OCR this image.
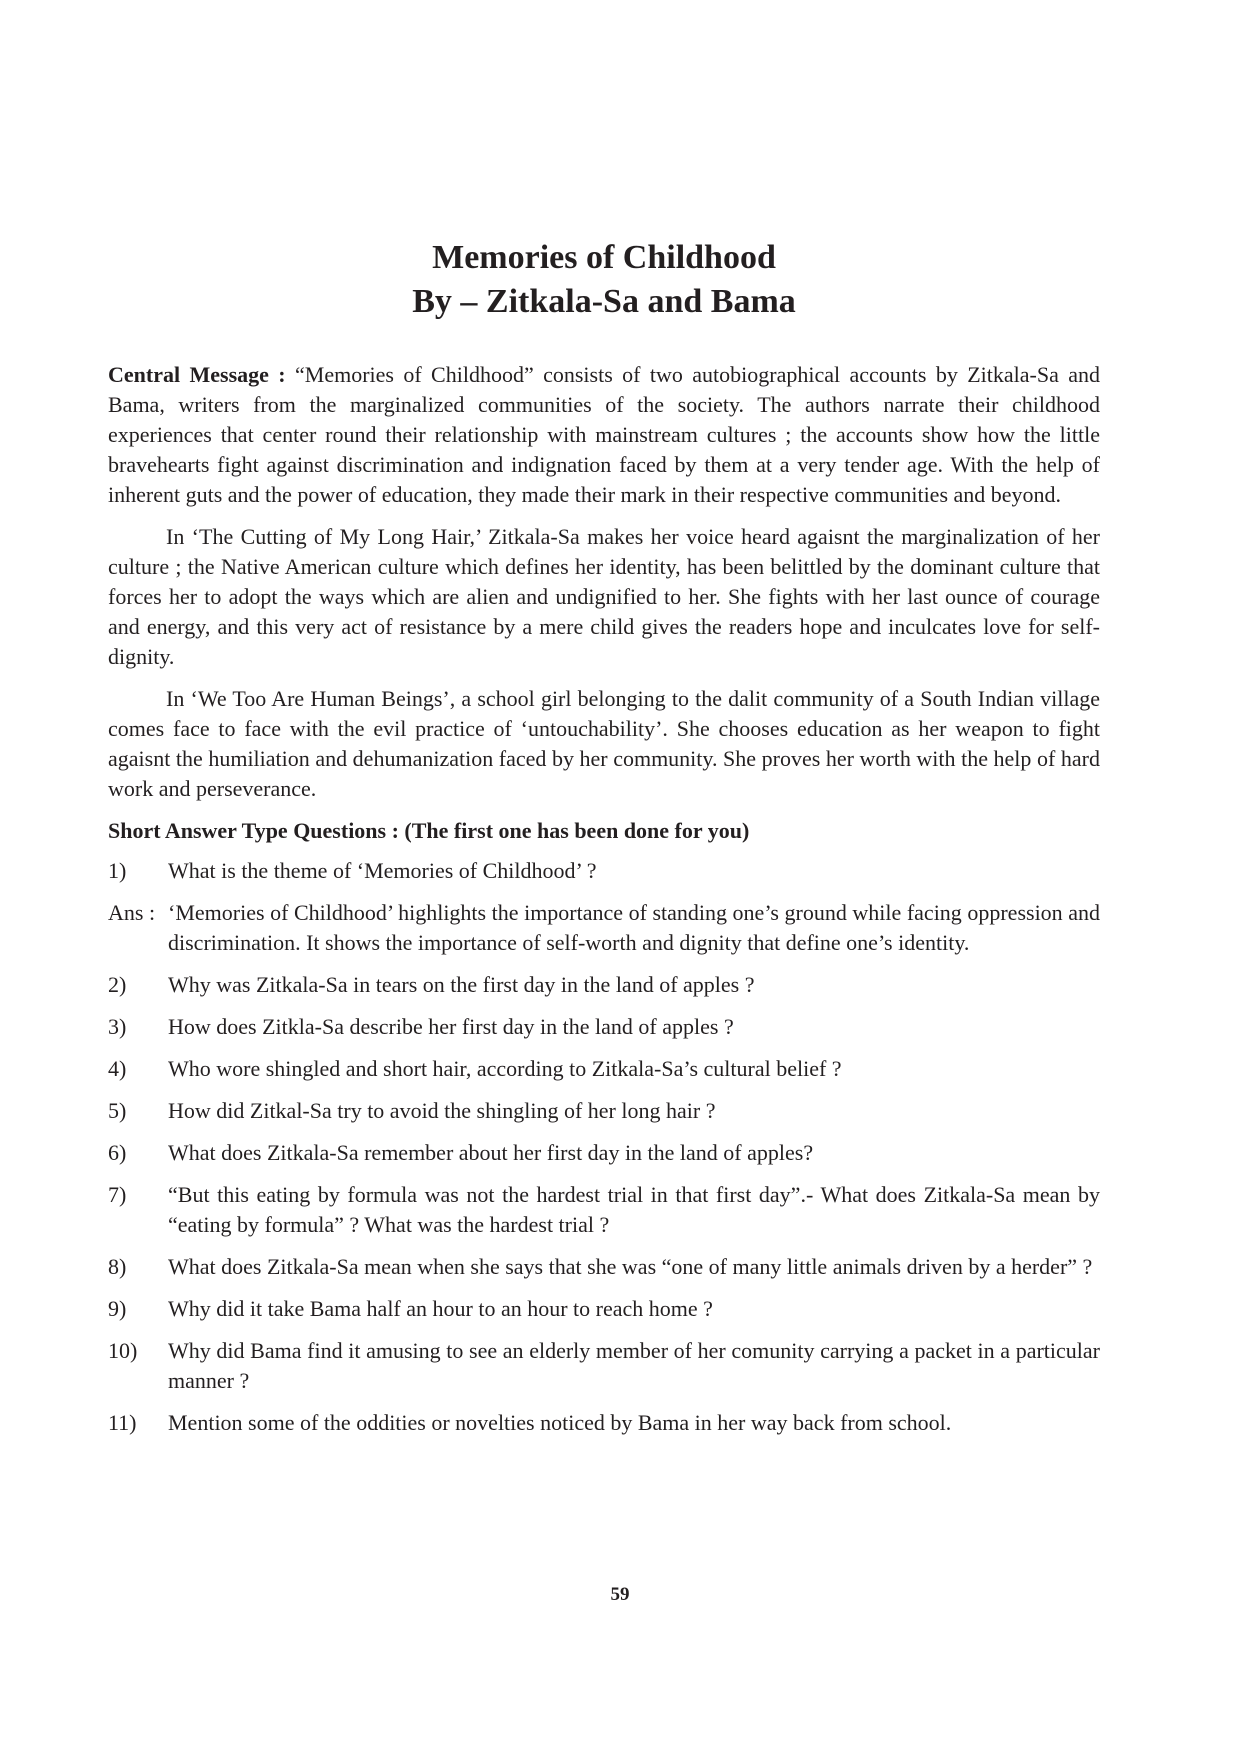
Memories of Childhood

By – Zitkala-Sa and Bama

Central Message : “Memories of Childhood” consists of two autobiographical accounts by Zitkala-Sa and Bama, writers from the marginalized communities of the society. The authors narrate their childhood experiences that center round their relationship with mainstream cultures ; the accounts show how the little bravehearts fight against discrimination and indignation faced by them at a very tender age. With the help of inherent guts and the power of education, they made their mark in their respective communities and beyond.

In ‘The Cutting of My Long Hair,’ Zitkala-Sa makes her voice heard agaisnt the marginalization of her culture ; the Native American culture which defines her identity, has been belittled by the dominant culture that forces her to adopt the ways which are alien and undignified to her. She fights with her last ounce of courage and energy, and this very act of resistance by a mere child gives the readers hope and inculcates love for self-dignity.

In ‘We Too Are Human Beings’, a school girl belonging to the dalit community of a South Indian village comes face to face with the evil practice of ‘untouchability’. She chooses education as her weapon to fight agaisnt the humiliation and dehumanization faced by her community. She proves her worth with the help of hard work and perseverance.

Short Answer Type Questions : (The first one has been done for you)

1)	What is the theme of ‘Memories of Childhood’ ?
Ans : ‘Memories of Childhood’ highlights the importance of standing one’s ground while facing oppression and discrimination. It shows the importance of self-worth and dignity that define one’s identity.
2)	Why was Zitkala-Sa in tears on the first day in the land of apples ?
3)	How does Zitkla-Sa describe her first day in the land of apples ?
4)	Who wore shingled and short hair, according to Zitkala-Sa’s cultural belief ?
5)	How did Zitkal-Sa try to avoid the shingling of her long hair ?
6)	What does Zitkala-Sa remember about her first day in the land of apples?
7)	“But this eating by formula was not the hardest trial in that first day”.- What does Zitkala-Sa mean by “eating by formula” ? What was the hardest trial ?
8)	What does Zitkala-Sa mean when she says that she was “one of many little animals driven by a herder” ?
9)	Why did it take Bama half an hour to an hour to reach home ?
10)	Why did Bama find it amusing to see an elderly member of her comunity carrying a packet in a particular manner ?
11)	Mention some of the oddities or novelties noticed by Bama in her way back from school.
59
